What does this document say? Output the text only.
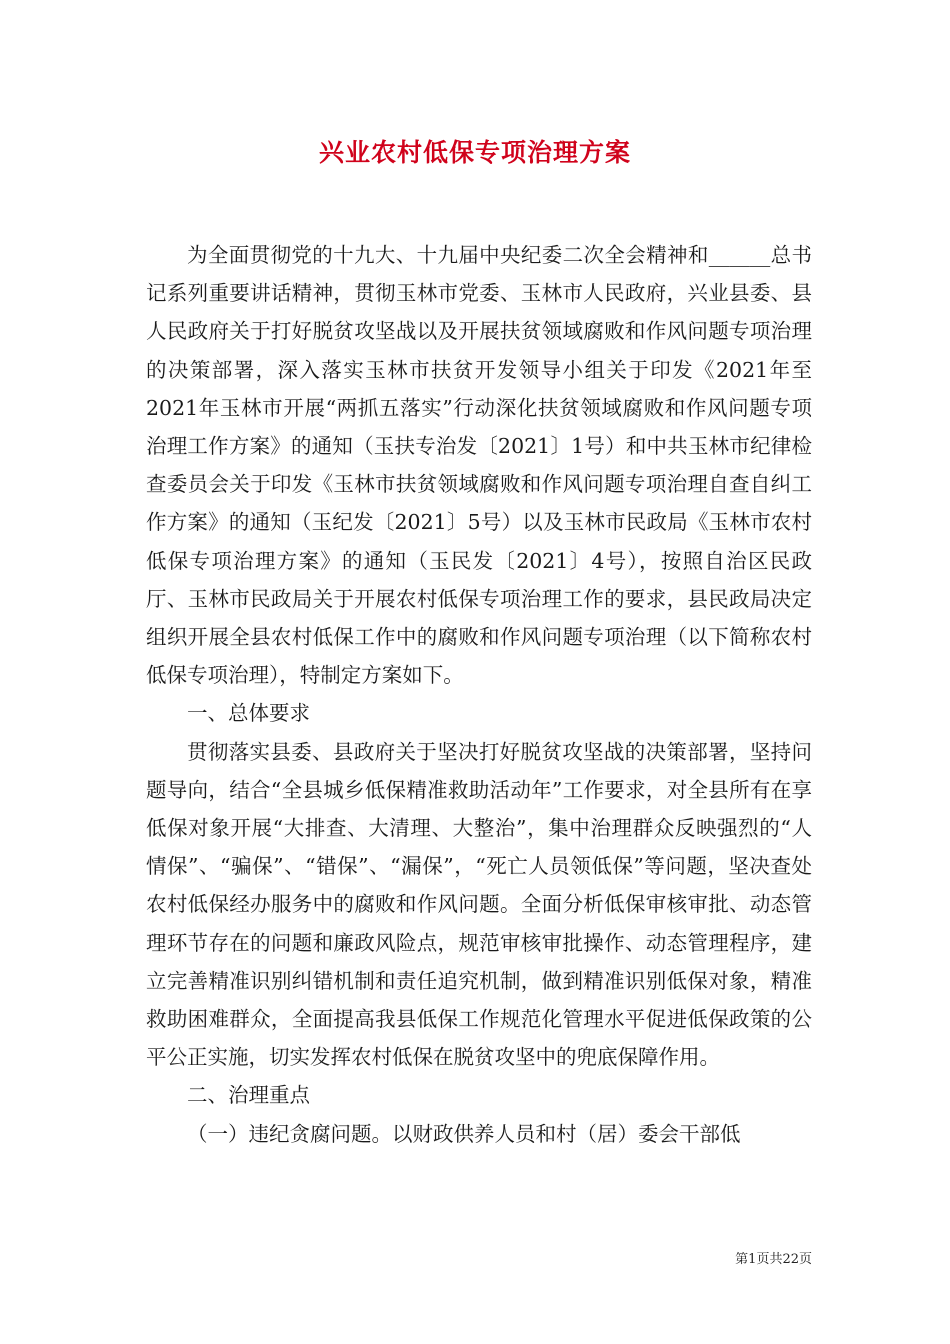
兴业农村低保专项治理方案

为全面贯彻党的十九大、十九届中央纪委二次全会精神和______总书记系列重要讲话精神，贯彻玉林市党委、玉林市人民政府，兴业县委、县人民政府关于打好脱贫攻坚战以及开展扶贫领域腐败和作风问题专项治理的决策部署，深入落实玉林市扶贫开发领导小组关于印发《2021年至2021年玉林市开展“两抓五落实”行动深化扶贫领域腐败和作风问题专项治理工作方案》的通知（玉扶专治发〔2021〕1号）和中共玉林市纪律检查委员会关于印发《玉林市扶贫领域腐败和作风问题专项治理自查自纠工作方案》的通知（玉纪发〔2021〕5号）以及玉林市民政局《玉林市农村低保专项治理方案》的通知（玉民发〔2021〕4号），按照自治区民政厅、玉林市民政局关于开展农村低保专项治理工作的要求，县民政局决定组织开展全县农村低保工作中的腐败和作风问题专项治理（以下简称农村低保专项治理），特制定方案如下。

一、总体要求

贯彻落实县委、县政府关于坚决打好脱贫攻坚战的决策部署，坚持问题导向，结合“全县城乡低保精准救助活动年”工作要求，对全县所有在享低保对象开展“大排查、大清理、大整治”，集中治理群众反映强烈的“人情保”、“骗保”、“错保”、“漏保”，“死亡人员领低保”等问题，坚决查处农村低保经办服务中的腐败和作风问题。全面分析低保审核审批、动态管理环节存在的问题和廉政风险点，规范审核审批操作、动态管理程序，建立完善精准识别纠错机制和责任追究机制，做到精准识别低保对象，精准救助困难群众，全面提高我县低保工作规范化管理水平促进低保政策的公平公正实施，切实发挥农村低保在脱贫攻坚中的兜底保障作用。

二、治理重点

（一）违纪贪腐问题。以财政供养人员和村（居）委会干部低

第1页共22页
